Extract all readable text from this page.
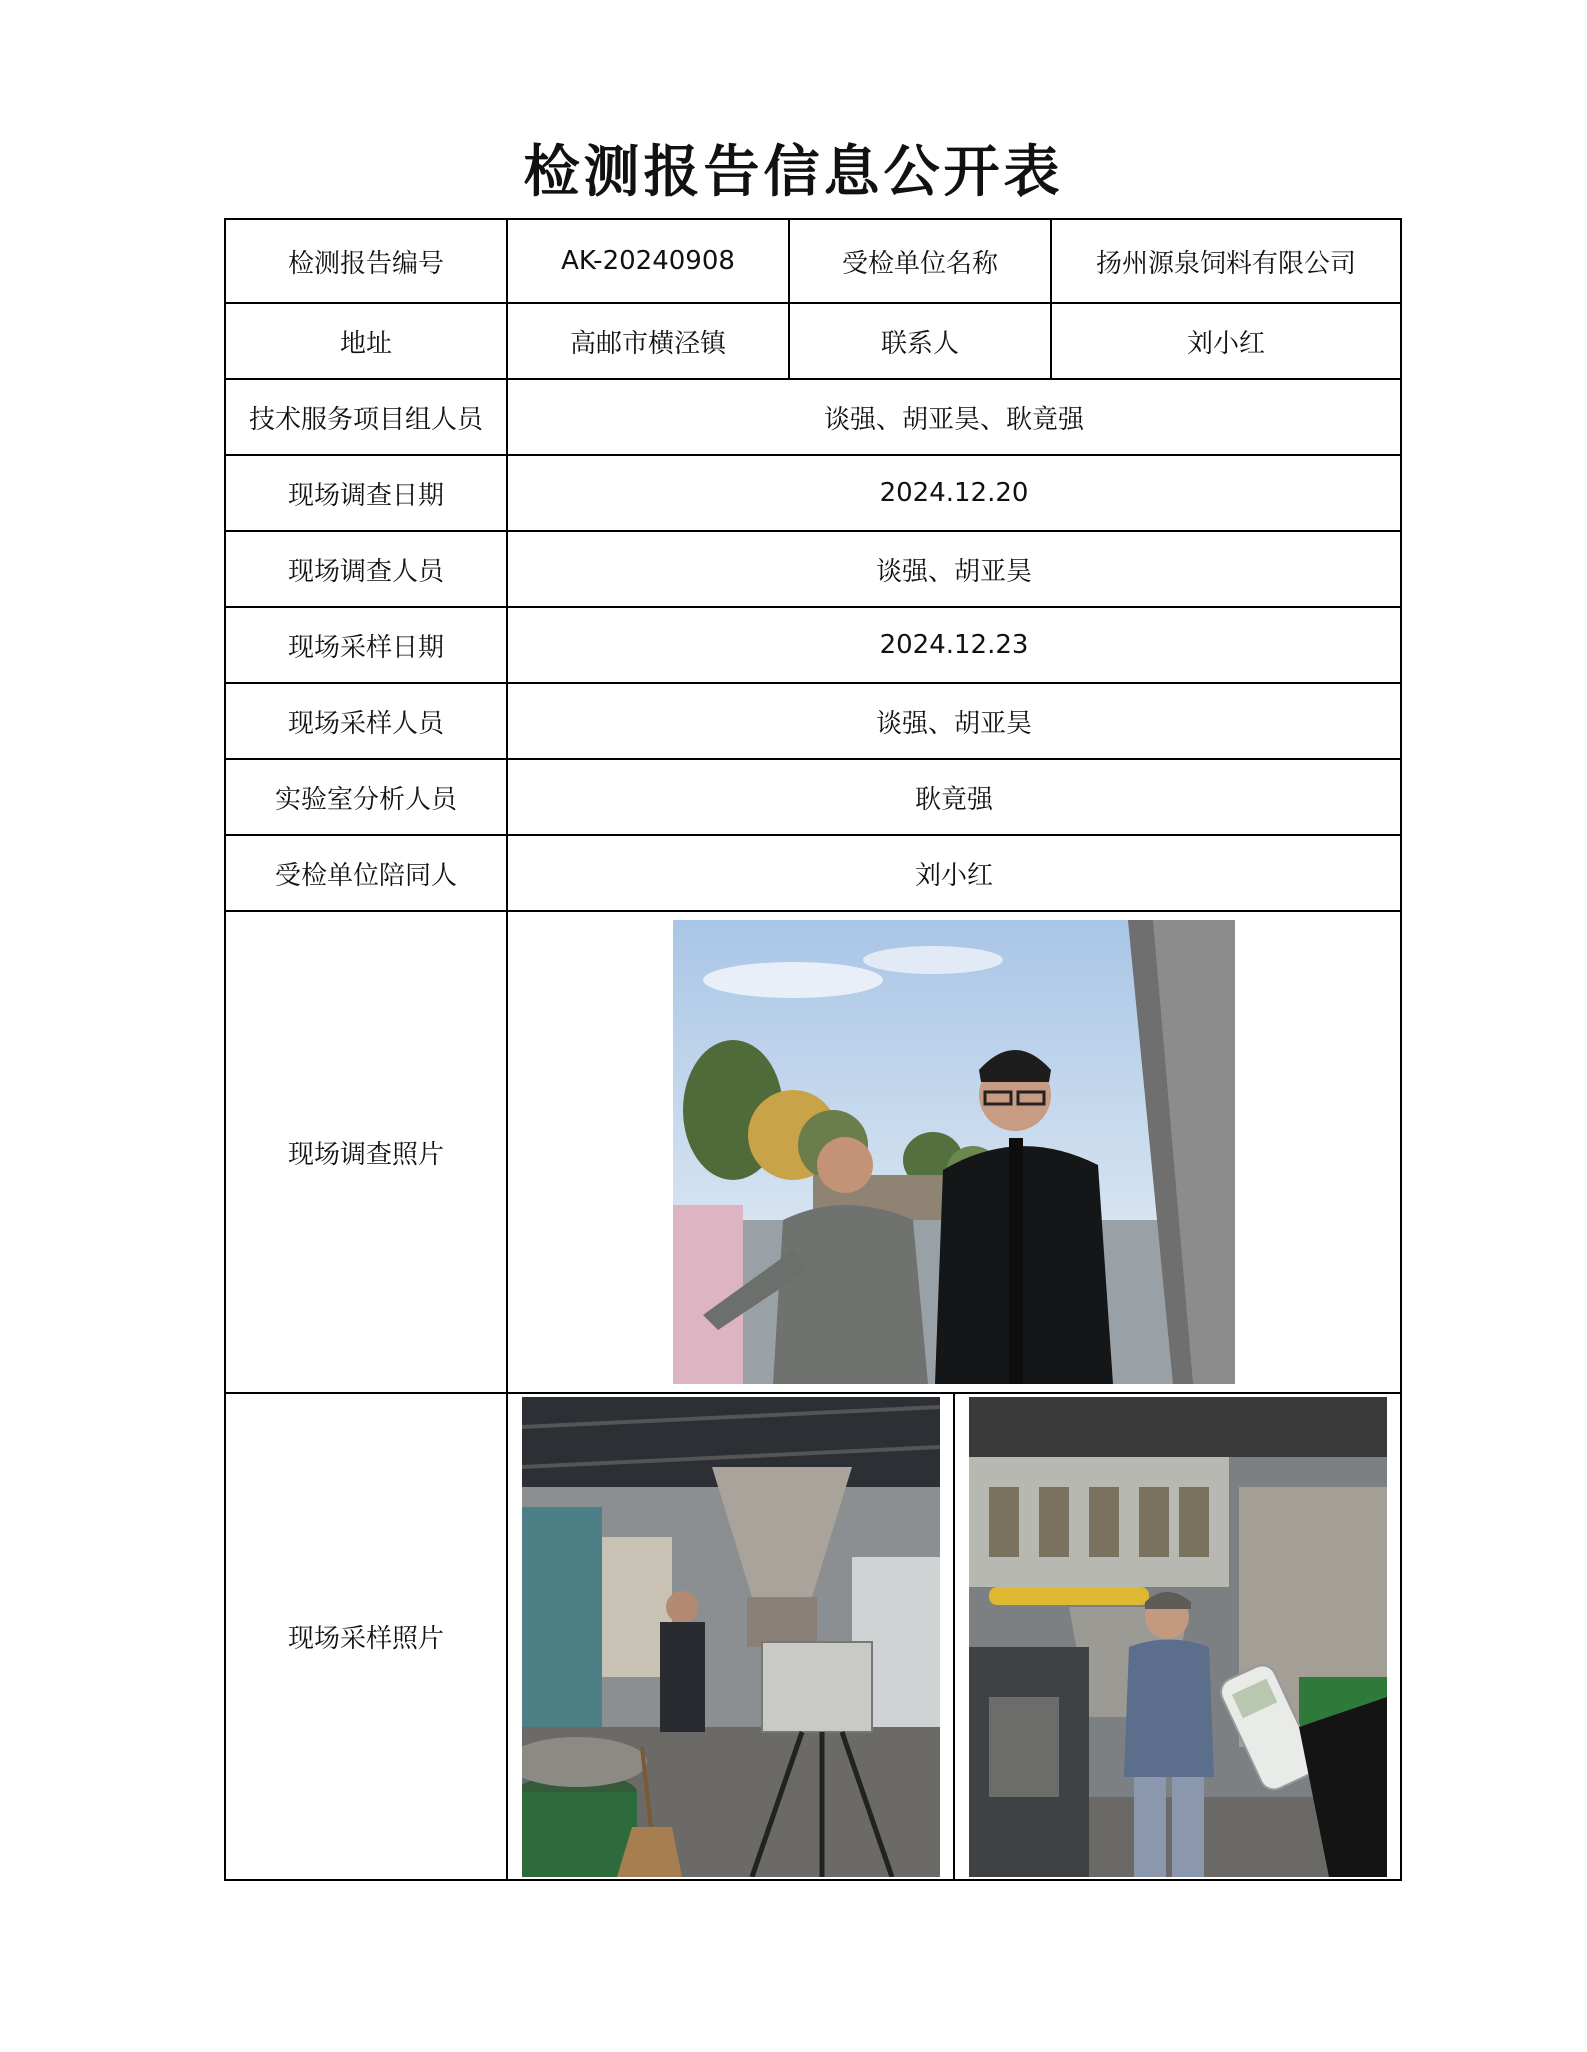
检测报告信息公开表
检测报告编号	AK-20240908	受检单位名称	扬州源泉饲料有限公司
地址	高邮市横泾镇	联系人	刘小红
技术服务项目组人员	谈强、胡亚昊、耿竟强		
现场调查日期	2024.12.20		
现场调查人员	谈强、胡亚昊		
现场采样日期	2024.12.23		
现场采样人员	谈强、胡亚昊		
实验室分析人员	耿竟强		
受检单位陪同人	刘小红		
现场调查照片	

现场采样照片	
